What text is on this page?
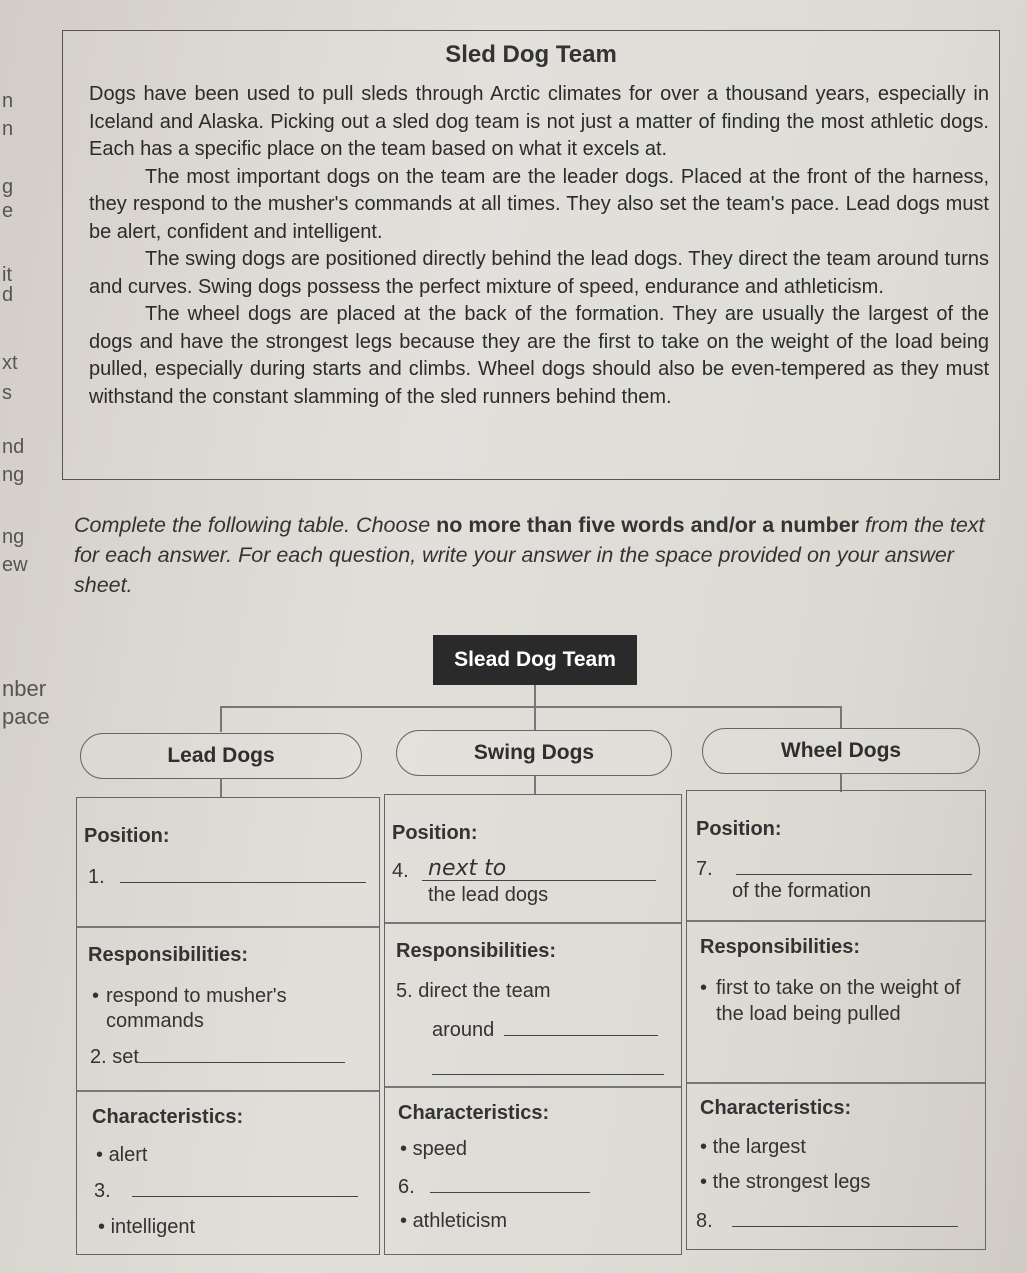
n
n
g
e
it
d
xt
s
nd
ng
ng
ew
nber
pace
Sled Dog Team

Dogs have been used to pull sleds through Arctic climates for over a thousand years, especially in Iceland and Alaska. Picking out a sled dog team is not just a matter of finding the most athletic dogs. Each has a specific place on the team based on what it excels at.

The most important dogs on the team are the leader dogs. Placed at the front of the harness, they respond to the musher's commands at all times. They also set the team's pace. Lead dogs must be alert, confident and intelligent.

The swing dogs are positioned directly behind the lead dogs. They direct the team around turns and curves. Swing dogs possess the perfect mixture of speed, endurance and athleticism.

The wheel dogs are placed at the back of the formation. They are usually the largest of the dogs and have the strongest legs because they are the first to take on the weight of the load being pulled, especially during starts and climbs. Wheel dogs should also be even-tempered as they must withstand the constant slamming of the sled runners behind them.

Complete the following table. Choose no more than five words and/or a number from the text for each answer. For each question, write your answer in the space provided on your answer sheet.
Slead Dog Team
Lead Dogs	Swing Dogs	Wheel Dogs
Position:
1.
Responsibilities:
• respond to musher's commands
2. set
Characteristics:
• alert
3.
• intelligent
Position:
4. next to
the lead dogs
Responsibilities:
5. direct the team
around
Characteristics:
• speed
6.
• athleticism
Position:
7.
of the formation
Responsibilities:
• first to take on the weight of the load being pulled
Characteristics:
• the largest
• the strongest legs
8.
